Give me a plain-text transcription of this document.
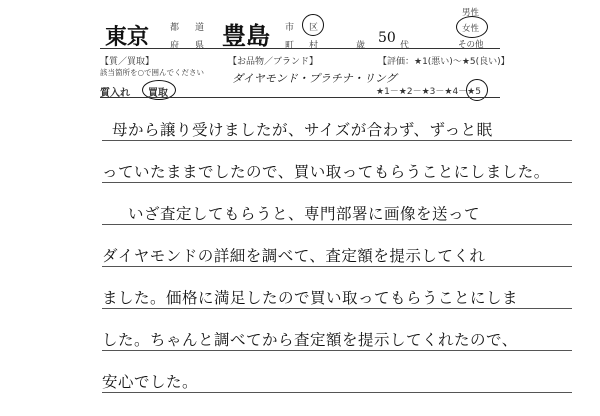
東京 都 道
府 県 豊島 市 区
町 村	歳 50 代
男性
女性
その他
【質／買取】
該当箇所を○で囲んでください
【お品物／ブランド】	【評価：★1(悪い)～★5(良い)】
ダイヤモンド・プラチナ・リング
質入れ 買取	★1－★2－★3－★4－★5
母から譲り受けましたが、サイズが合わず、ずっと眠
っていたままでしたので、買い取ってもらうことにしました。
いざ査定してもらうと、専門部署に画像を送って
ダイヤモンドの詳細を調べて、査定額を提示してくれ
ました。価格に満足したので買い取ってもらうことにしま
した。ちゃんと調べてから査定額を提示してくれたので、
安心でした。
